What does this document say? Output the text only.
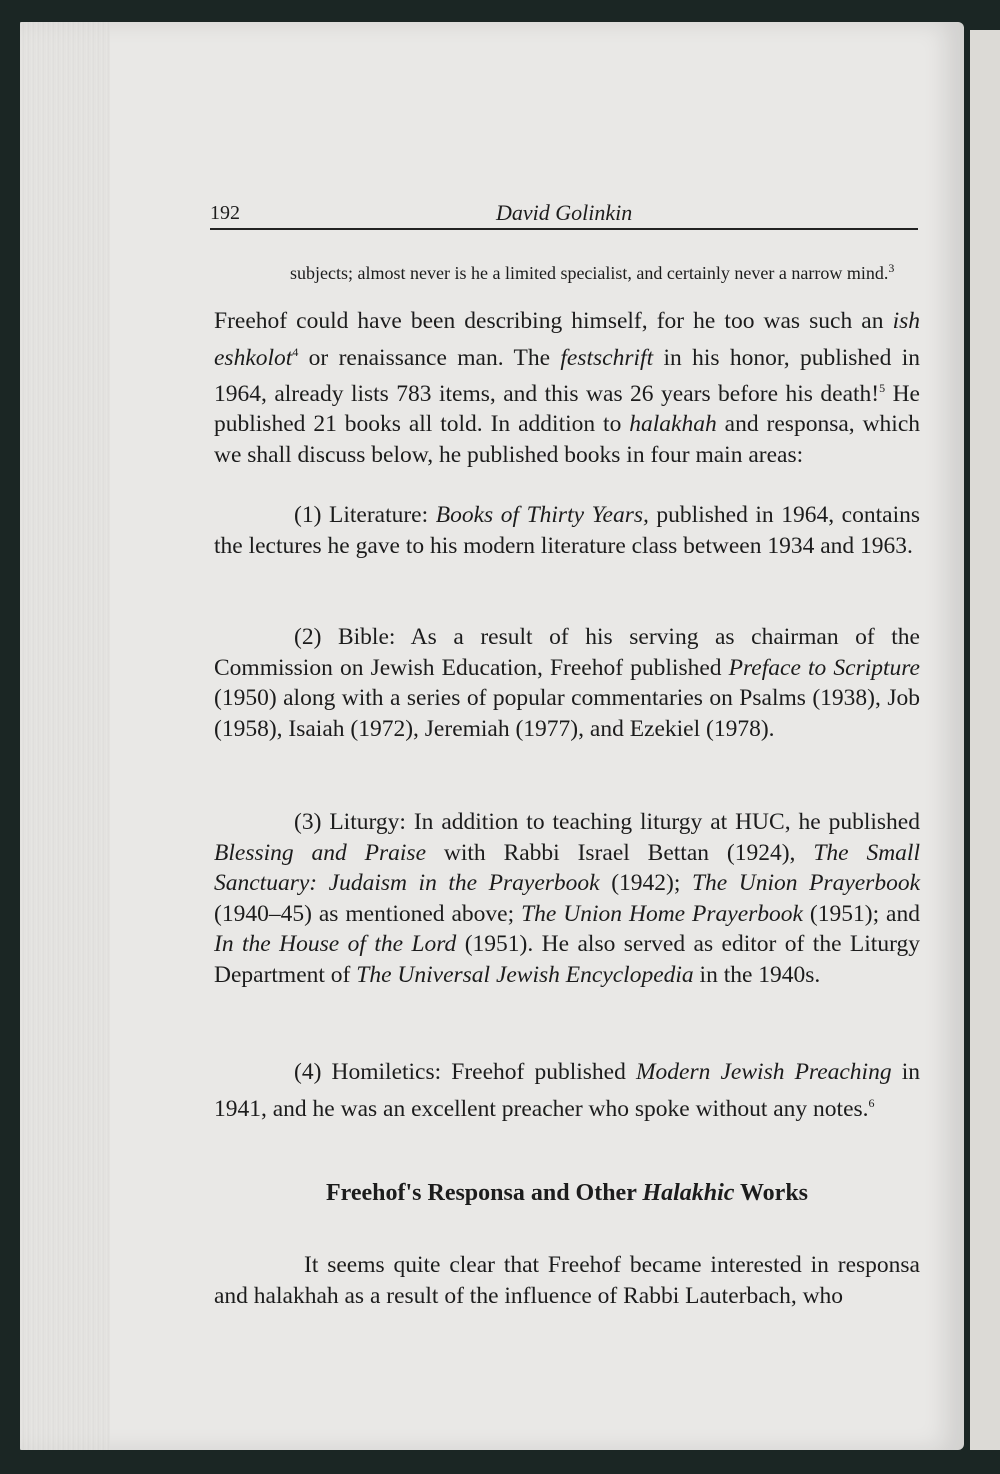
192	David Golinkin
subjects; almost never is he a limited specialist, and certainly never a narrow mind.$^3$
Freehof could have been describing himself, for he too was such an ish eshkolot$^4$ or renaissance man. The festschrift in his honor, published in 1964, already lists 783 items, and this was 26 years before his death!$^5$ He published 21 books all told. In addition to halakhah and responsa, which we shall discuss below, he published books in four main areas:
(1) Literature: Books of Thirty Years, published in 1964, contains the lectures he gave to his modern literature class between 1934 and 1963.
(2) Bible: As a result of his serving as chairman of the Commission on Jewish Education, Freehof published Preface to Scripture (1950) along with a series of popular commentaries on Psalms (1938), Job (1958), Isaiah (1972), Jeremiah (1977), and Ezekiel (1978).
(3) Liturgy: In addition to teaching liturgy at HUC, he published Blessing and Praise with Rabbi Israel Bettan (1924), The Small Sanctuary: Judaism in the Prayerbook (1942); The Union Prayerbook (1940–45) as mentioned above; The Union Home Prayerbook (1951); and In the House of the Lord (1951). He also served as editor of the Liturgy Department of The Universal Jewish Encyclopedia in the 1940s.
(4) Homiletics: Freehof published Modern Jewish Preaching in 1941, and he was an excellent preacher who spoke without any notes.$^6$
Freehof's Responsa and Other Halakhic Works
It seems quite clear that Freehof became interested in responsa and halakhah as a result of the influence of Rabbi Lauterbach, who
